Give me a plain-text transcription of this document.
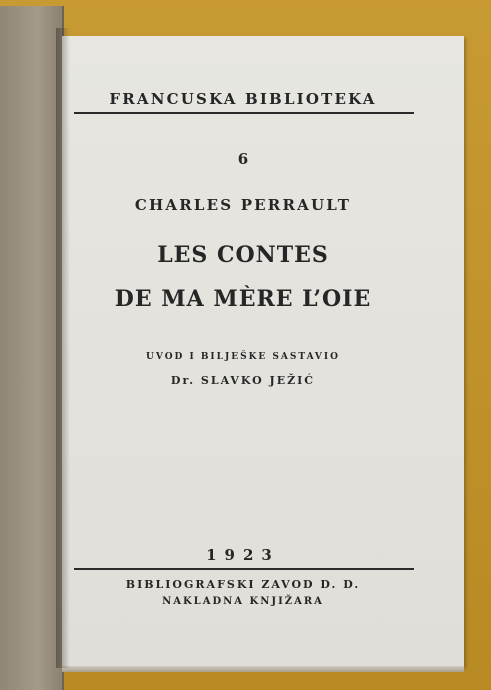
FRANCUSKA BIBLIOTEKA
6
CHARLES PERRAULT
LES CONTES
DE MA MÈRE L’OIE
UVOD I BILJEŠKE SASTAVIO
Dr. SLAVKO JEŽIĆ
1923
BIBLIOGRAFSKI ZAVOD D. D.
NAKLADNA KNJIŽARA
